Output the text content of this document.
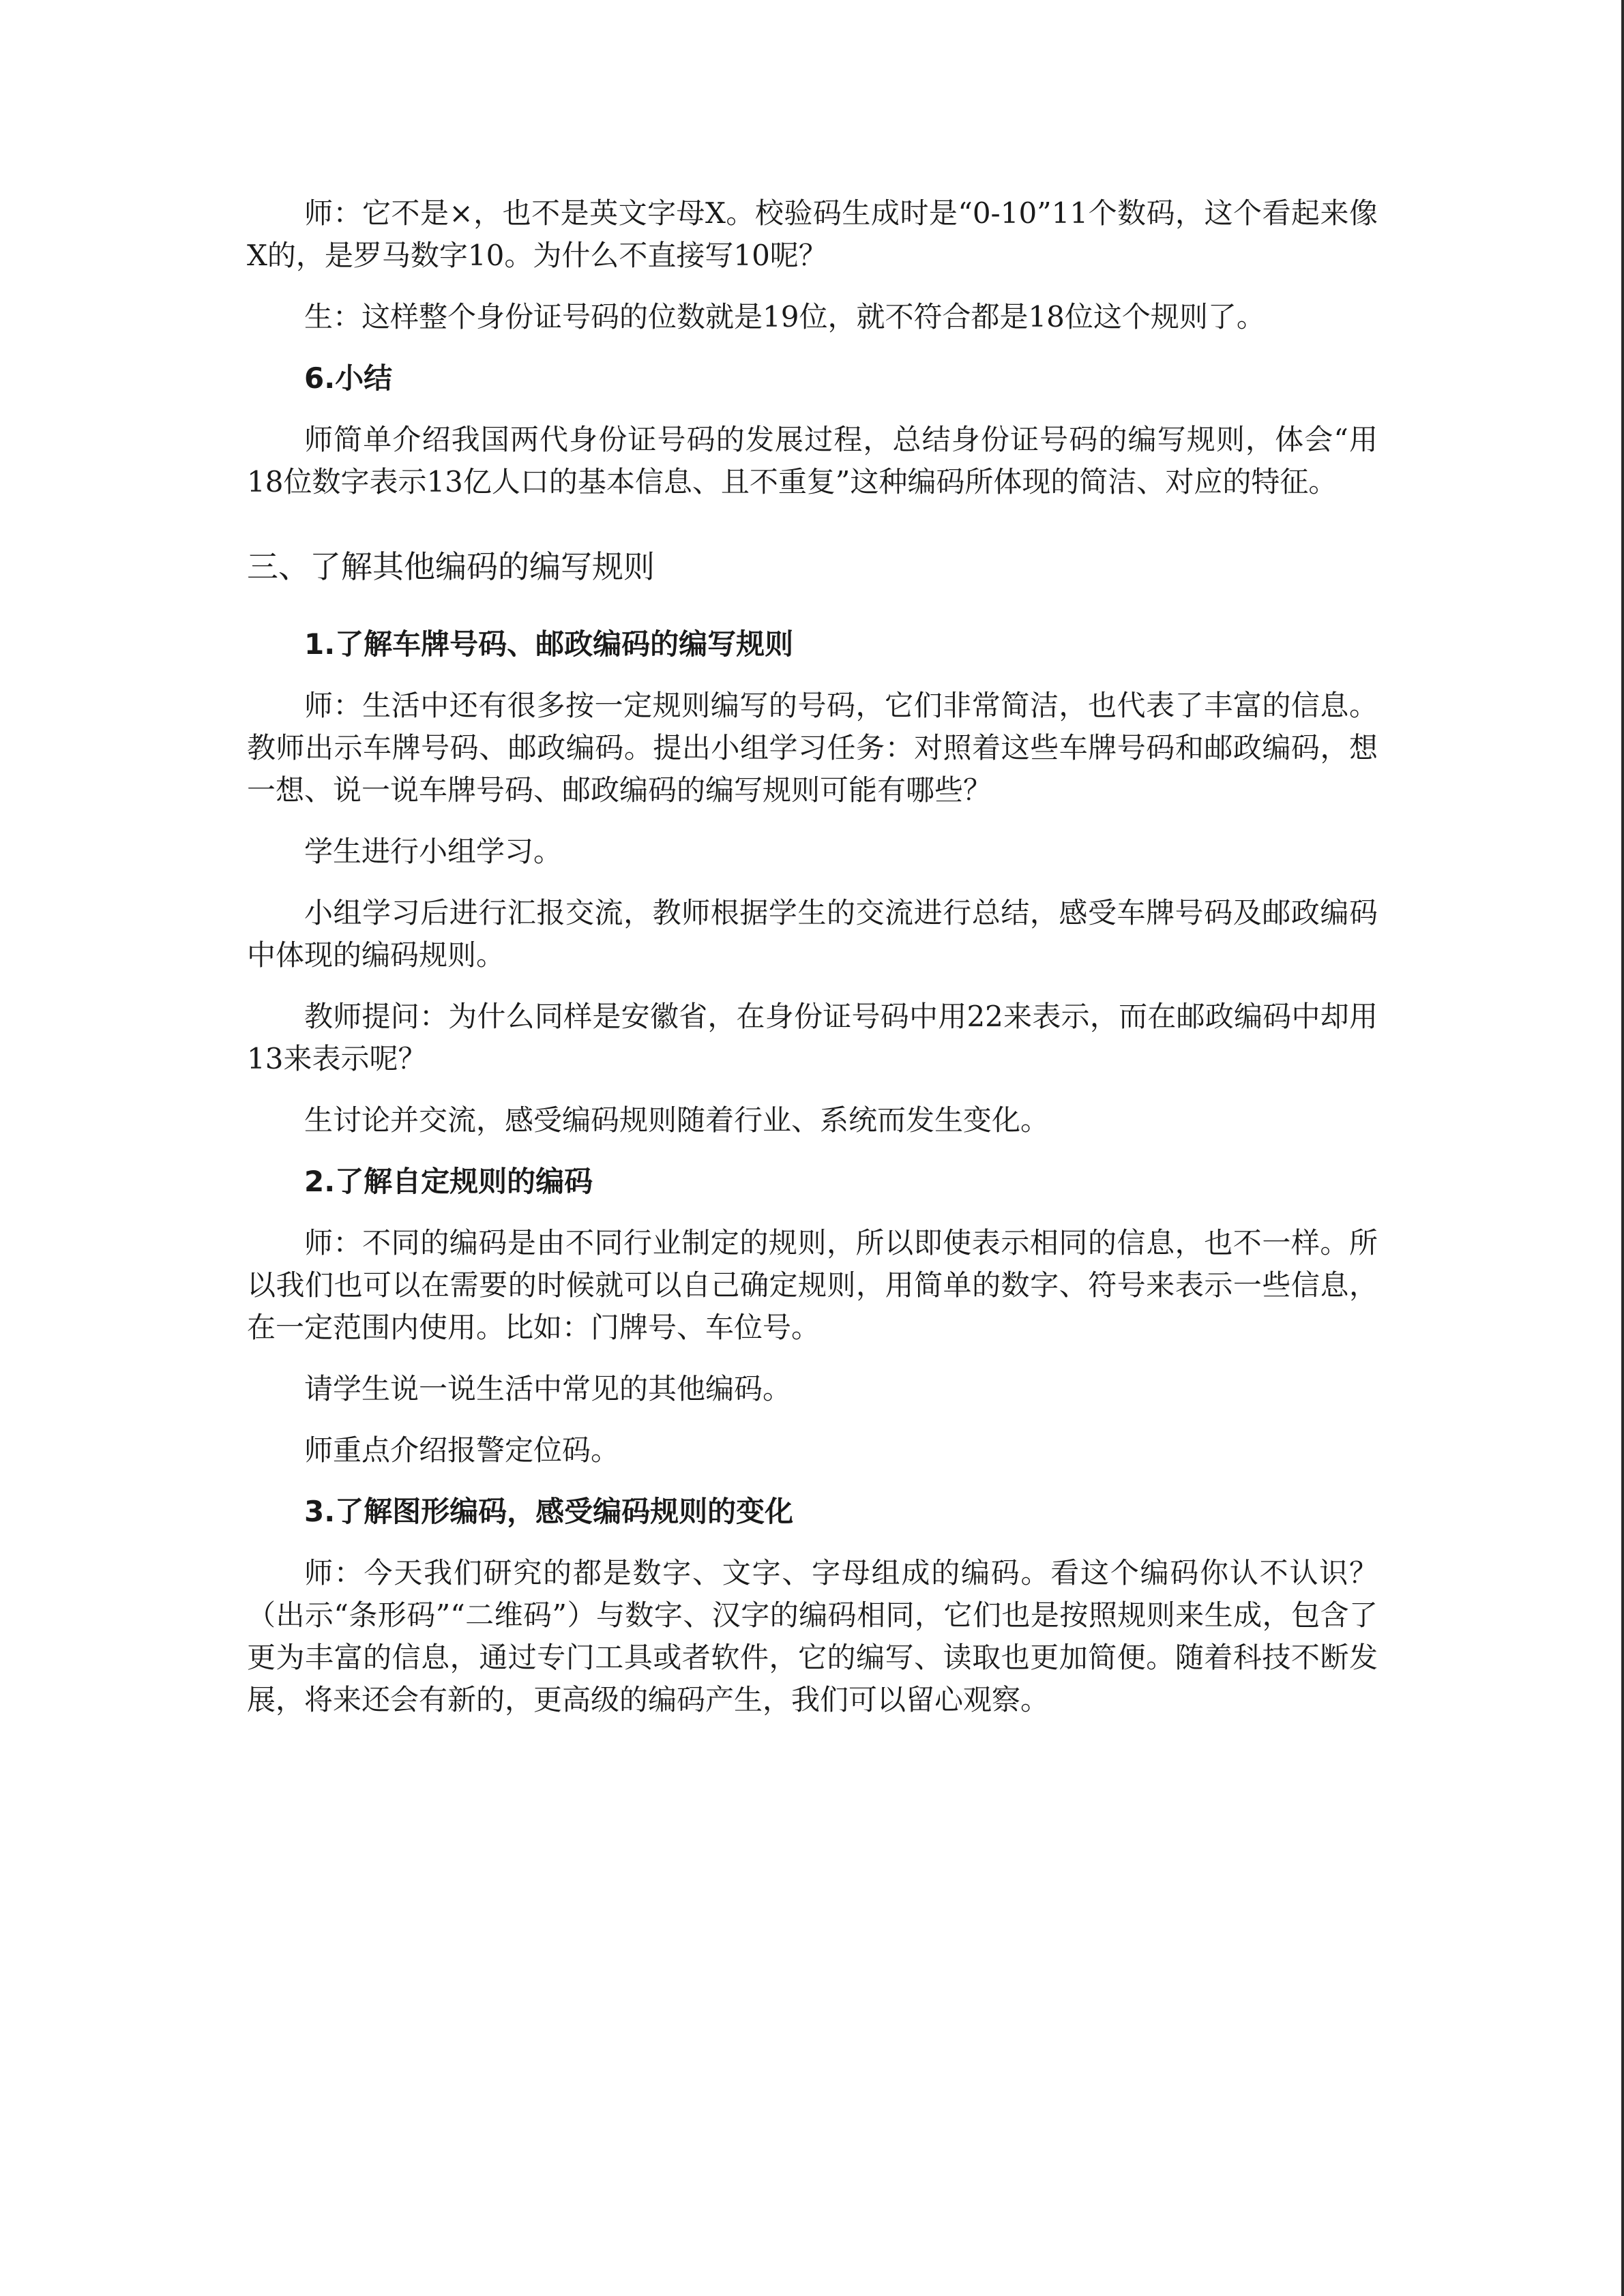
师：它不是×，也不是英文字母X。校验码生成时是“0-10”11个数码，这个看起来像X的，是罗马数字10。为什么不直接写10呢？

生：这样整个身份证号码的位数就是19位，就不符合都是18位这个规则了。

6.小结

师简单介绍我国两代身份证号码的发展过程，总结身份证号码的编写规则，体会“用18位数字表示13亿人口的基本信息、且不重复”这种编码所体现的简洁、对应的特征。

三、了解其他编码的编写规则

1.了解车牌号码、邮政编码的编写规则

师：生活中还有很多按一定规则编写的号码，它们非常简洁，也代表了丰富的信息。教师出示车牌号码、邮政编码。提出小组学习任务：对照着这些车牌号码和邮政编码，想一想、说一说车牌号码、邮政编码的编写规则可能有哪些？

学生进行小组学习。

小组学习后进行汇报交流，教师根据学生的交流进行总结，感受车牌号码及邮政编码中体现的编码规则。

教师提问：为什么同样是安徽省，在身份证号码中用22来表示，而在邮政编码中却用13来表示呢？

生讨论并交流，感受编码规则随着行业、系统而发生变化。

2.了解自定规则的编码

师：不同的编码是由不同行业制定的规则，所以即使表示相同的信息，也不一样。所以我们也可以在需要的时候就可以自己确定规则，用简单的数字、符号来表示一些信息，在一定范围内使用。比如：门牌号、车位号。

请学生说一说生活中常见的其他编码。

师重点介绍报警定位码。

3.了解图形编码，感受编码规则的变化

师：今天我们研究的都是数字、文字、字母组成的编码。看这个编码你认不认识？（出示“条形码”“二维码”）与数字、汉字的编码相同，它们也是按照规则来生成，包含了更为丰富的信息，通过专门工具或者软件，它的编写、读取也更加简便。随着科技不断发展，将来还会有新的，更高级的编码产生，我们可以留心观察。
